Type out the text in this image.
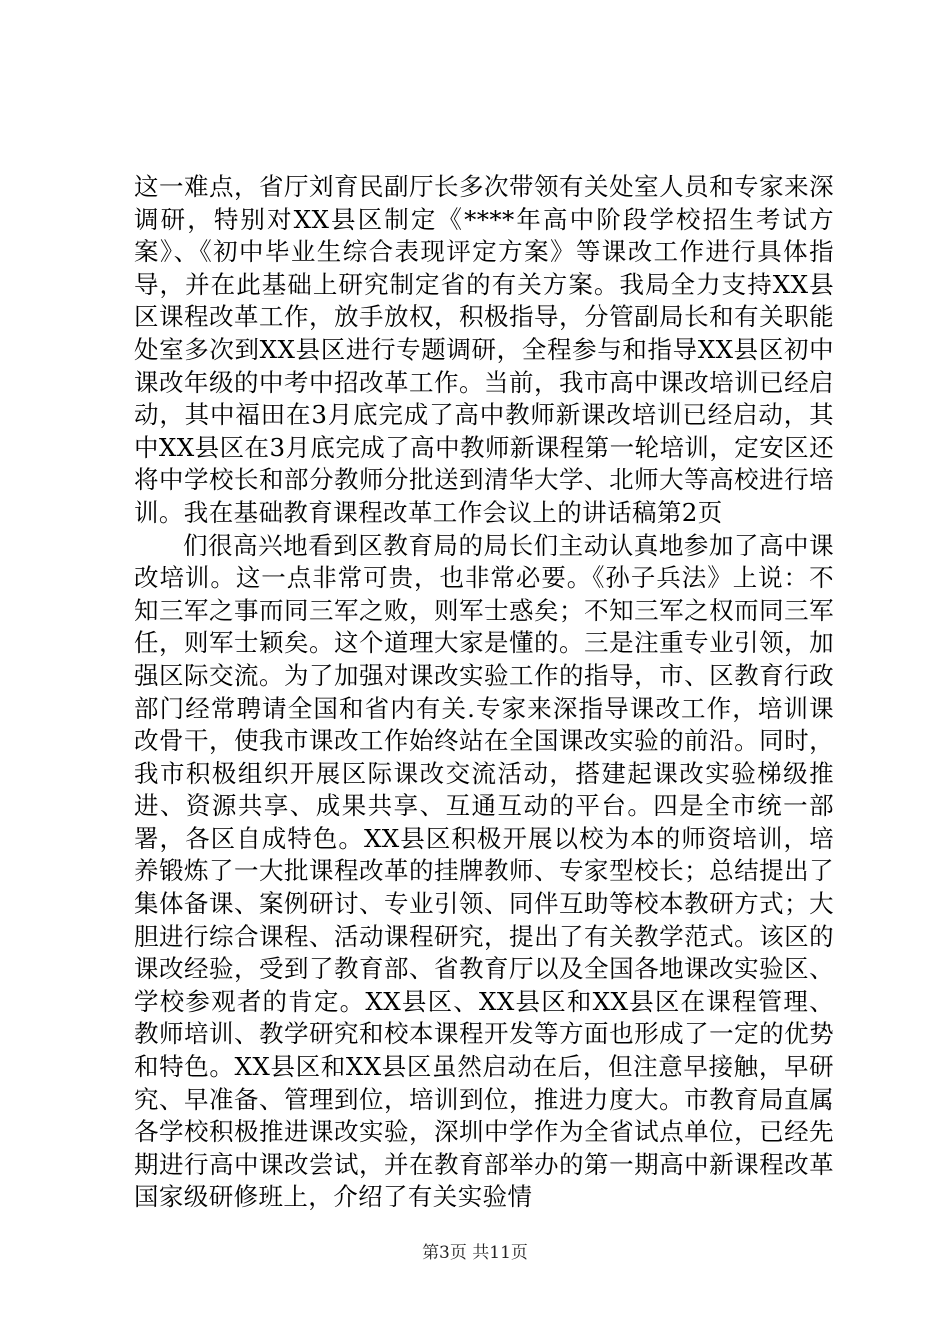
这一难点，省厅刘育民副厅长多次带领有关处室人员和专家来深调研，特别对XX县区制定《****年高中阶段学校招生考试方案》、《初中毕业生综合表现评定方案》等课改工作进行具体指导，并在此基础上研究制定省的有关方案。我局全力支持XX县区课程改革工作，放手放权，积极指导，分管副局长和有关职能处室多次到XX县区进行专题调研，全程参与和指导XX县区初中课改年级的中考中招改革工作。当前，我市高中课改培训已经启动，其中福田在3月底完成了高中教师新课改培训已经启动，其中XX县区在3月底完成了高中教师新课程第一轮培训，定安区还将中学校长和部分教师分批送到清华大学、北师大等高校进行培训。我在基础教育课程改革工作会议上的讲话稿第2页

们很高兴地看到区教育局的局长们主动认真地参加了高中课改培训。这一点非常可贵，也非常必要。《孙子兵法》上说：不知三军之事而同三军之败，则军士惑矣；不知三军之权而同三军任，则军士颖矣。这个道理大家是懂的。三是注重专业引领，加强区际交流。为了加强对课改实验工作的指导，市、区教育行政部门经常聘请全国和省内有关.专家来深指导课改工作，培训课改骨干，使我市课改工作始终站在全国课改实验的前沿。同时，我市积极组织开展区际课改交流活动，搭建起课改实验梯级推进、资源共享、成果共享、互通互动的平台。四是全市统一部署，各区自成特色。XX县区积极开展以校为本的师资培训，培养锻炼了一大批课程改革的挂牌教师、专家型校长；总结提出了集体备课、案例研讨、专业引领、同伴互助等校本教研方式；大胆进行综合课程、活动课程研究，提出了有关教学范式。该区的课改经验，受到了教育部、省教育厅以及全国各地课改实验区、学校参观者的肯定。XX县区、XX县区和XX县区在课程管理、教师培训、教学研究和校本课程开发等方面也形成了一定的优势和特色。XX县区和XX县区虽然启动在后，但注意早接触，早研究、早准备、管理到位，培训到位，推进力度大。市教育局直属各学校积极推进课改实验，深圳中学作为全省试点单位，已经先期进行高中课改尝试，并在教育部举办的第一期高中新课程改革国家级研修班上，介绍了有关实验情

第3页 共11页
